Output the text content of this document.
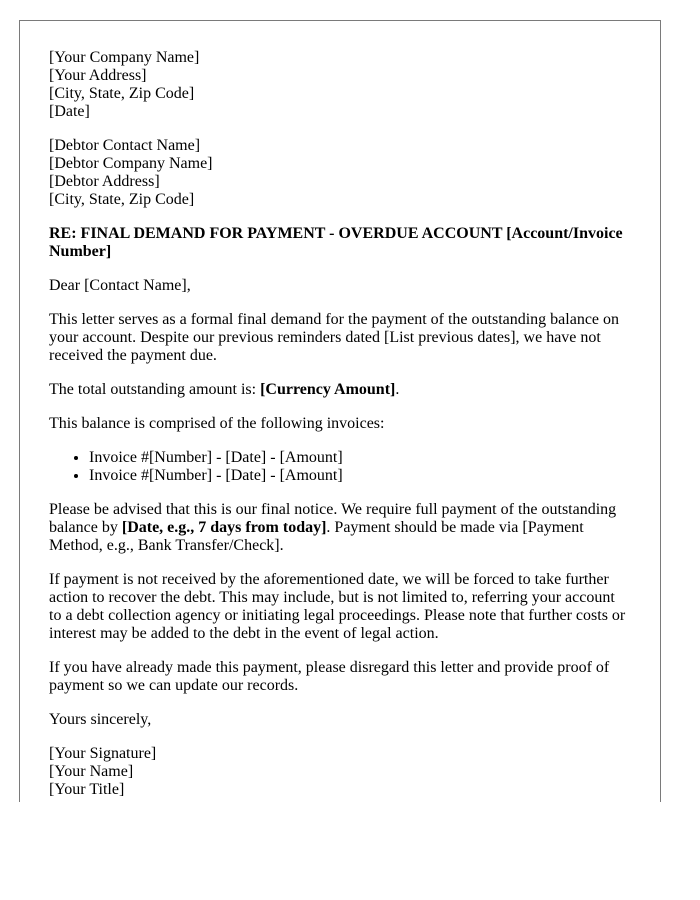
[Your Company Name]
[Your Address]
[City, State, Zip Code]
[Date]
[Debtor Contact Name]
[Debtor Company Name]
[Debtor Address]
[City, State, Zip Code]

RE: FINAL DEMAND FOR PAYMENT - OVERDUE ACCOUNT [Account/Invoice Number]

Dear [Contact Name],

This letter serves as a formal final demand for the payment of the outstanding balance on your account. Despite our previous reminders dated [List previous dates], we have not received the payment due.

The total outstanding amount is: [Currency Amount].

This balance is comprised of the following invoices:

• Invoice #[Number] - [Date] - [Amount]
• Invoice #[Number] - [Date] - [Amount]

Please be advised that this is our final notice. We require full payment of the outstanding balance by [Date, e.g., 7 days from today]. Payment should be made via [Payment Method, e.g., Bank Transfer/Check].

If payment is not received by the aforementioned date, we will be forced to take further action to recover the debt. This may include, but is not limited to, referring your account to a debt collection agency or initiating legal proceedings. Please note that further costs or interest may be added to the debt in the event of legal action.

If you have already made this payment, please disregard this letter and provide proof of payment so we can update our records.

Yours sincerely,

[Your Signature]
[Your Name]
[Your Title]
